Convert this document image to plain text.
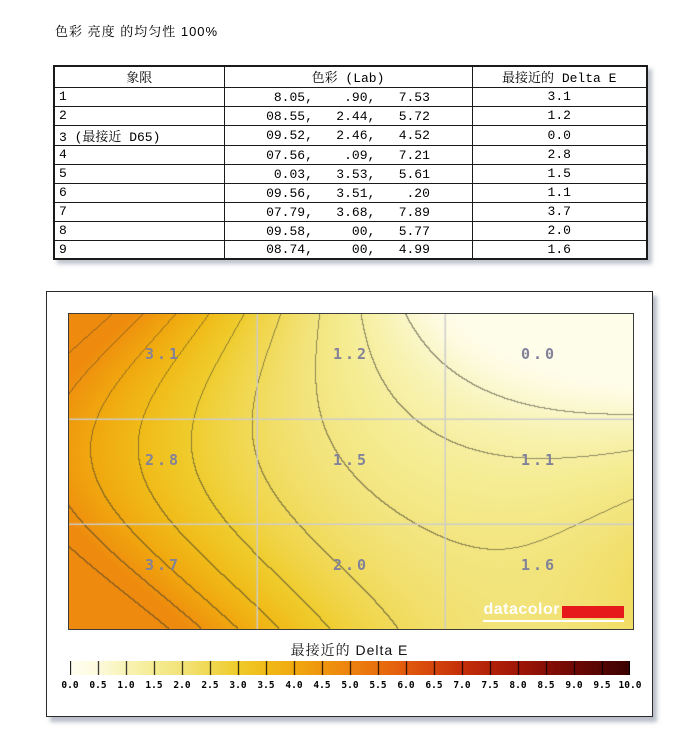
色彩 亮度 的均匀性 100%
象限	色彩 (Lab)	最接近的 Delta E
1	8.05,    .90,   7.53	3.1
2	08.55,   2.44,   5.72	1.2
3 (最接近 D65)	09.52,   2.46,   4.52	0.0
4	07.56,    .09,   7.21	2.8
5	0.03,   3.53,   5.61	1.5
6	09.56,   3.51,    .20	1.1
7	07.79,   3.68,   7.89	3.7
8	09.58,     00,   5.77	2.0
9	08.74,     00,   4.99	1.6
3.1	1.2	0.0
2.8	1.5	1.1
3.7	2.0	1.6
datacolor
最接近的 Delta E
0.0 0.5 1.0 1.5 2.0 2.5 3.0 3.5 4.0 4.5 5.0 5.5 6.0 6.5 7.0 7.5 8.0 8.5 9.0 9.5 10.0
